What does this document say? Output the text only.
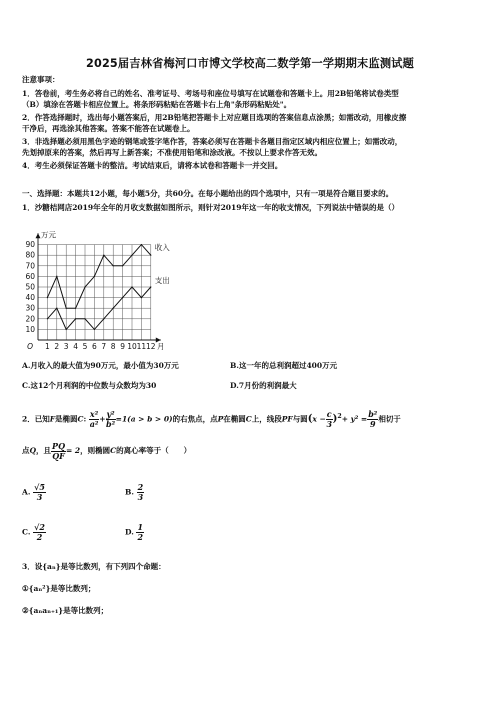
2025届吉林省梅河口市博文学校高二数学第一学期期末监测试题
注意事项：
1．答卷前，考生务必将自己的姓名、准考证号、考场号和座位号填写在试题卷和答题卡上。用2B铅笔将试卷类型
（B）填涂在答题卡相应位置上。将条形码粘贴在答题卡右上角"条形码粘贴处"。
2．作答选择题时，选出每小题答案后，用2B铅笔把答题卡上对应题目选项的答案信息点涂黑；如需改动，用橡皮擦
干净后，再选涂其他答案。答案不能答在试题卷上。
3．非选择题必须用黑色字迹的钢笔或签字笔作答，答案必须写在答题卡各题目指定区域内相应位置上；如需改动，
先划掉原来的答案，然后再写上新答案；不准使用铅笔和涂改液。不按以上要求作答无效。
4．考生必须保证答题卡的整洁。考试结束后，请将本试卷和答题卡一并交回。
一、选择题：本题共12小题，每小题5分，共60分。在每小题给出的四个选项中，只有一项是符合题目要求的。
1．沙糖桔网店2019年全年的月收支数据如图所示，则针对2019年这一年的收支情况，下列说法中错误的是（）
10
20
30
40
50
60
70
80
90
1 2 3 4 5 6 7 8 9 10 11 12
O
万元
月
收入
支出
A.月收入的最大值为90万元，最小值为30万元	B.这一年的总利润超过400万元
C.这12个月利润的中位数与众数均为30	D.7月份的利润最大
2．已知F是椭圆C: $\frac{\text{x²}}{\text{a²}} + \frac{\text{y²}}{\text{b²}} =1(a > b > 0)$的右焦点，点P在椭圆C上，线段PF与圆$(x - \frac{c}{3} )^2+ y^2 = \frac{\text{b²}}{9}$ 相切于
点Q，且 $\frac{PQ}{QF} = 2$，则椭圆C的离心率等于（　　）
A. $\frac{√5}{3}$	B. $\frac{2}{3}$
C. $\frac{√2}{2}$	D. $\frac{1}{2}$
3．设{aₙ}是等比数列，有下列四个命题：
①{aₙ²}是等比数列；
②{aₙaₙ₊₁}是等比数列；
